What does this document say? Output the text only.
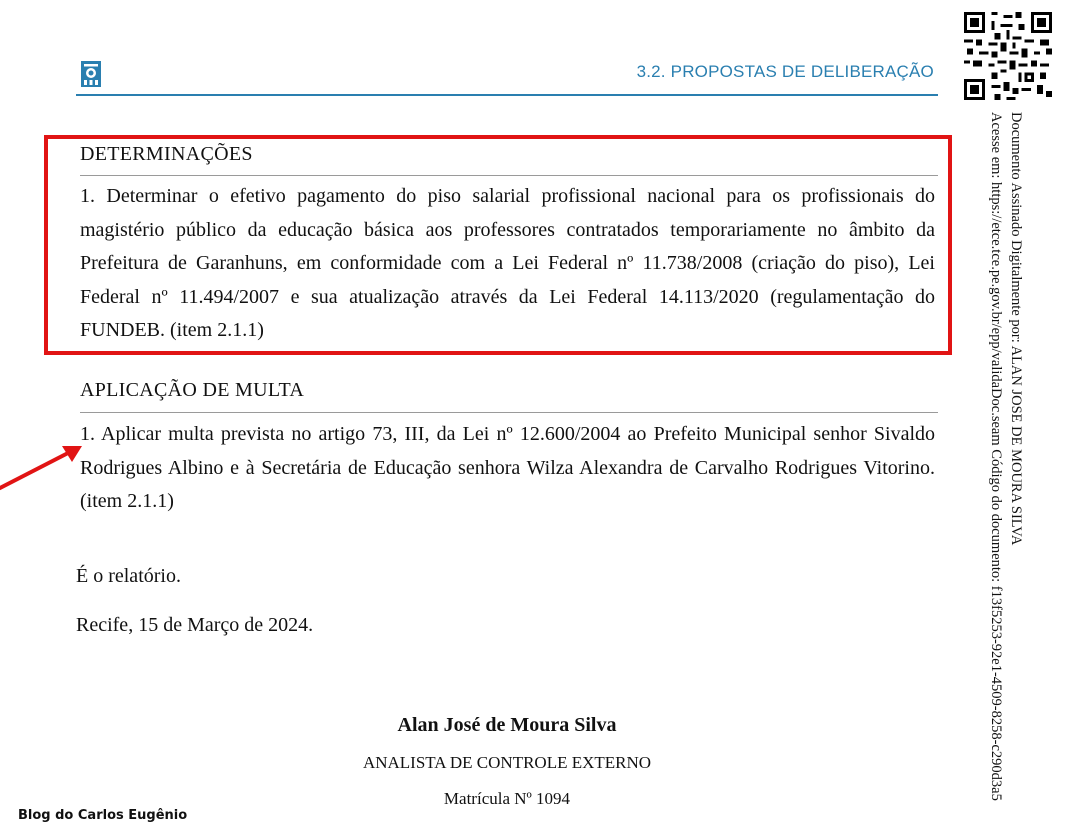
3.2. PROPOSTAS DE DELIBERAÇÃO
Documento Assinado Digitalmente por: ALAN JOSE DE MOURA SILVA
Acesse em: https://etce.tce.pe.gov.br/epp/validaDoc.seam Código do documento: f13f5253-92e1-4509-8258-c290d3a5
DETERMINAÇÕES
1. Determinar o efetivo pagamento do piso salarial profissional nacional para os profissionais do magistério público da educação básica aos professores contratados temporariamente no âmbito da Prefeitura de Garanhuns, em conformidade com a Lei Federal nº 11.738/2008 (criação do piso), Lei Federal nº 11.494/2007 e sua atualização através da Lei Federal 14.113/2020 (regulamentação do FUNDEB. (item 2.1.1)
APLICAÇÃO DE MULTA
1. Aplicar multa prevista no artigo 73, III, da Lei nº 12.600/2004 ao Prefeito Municipal senhor Sivaldo Rodrigues Albino e à Secretária de Educação senhora Wilza Alexandra de Carvalho Rodrigues Vitorino. (item 2.1.1)
É o relatório.
Recife, 15 de Março de 2024.
Alan José de Moura Silva
ANALISTA DE CONTROLE EXTERNO
Matrícula Nº 1094
Blog do Carlos Eugênio
